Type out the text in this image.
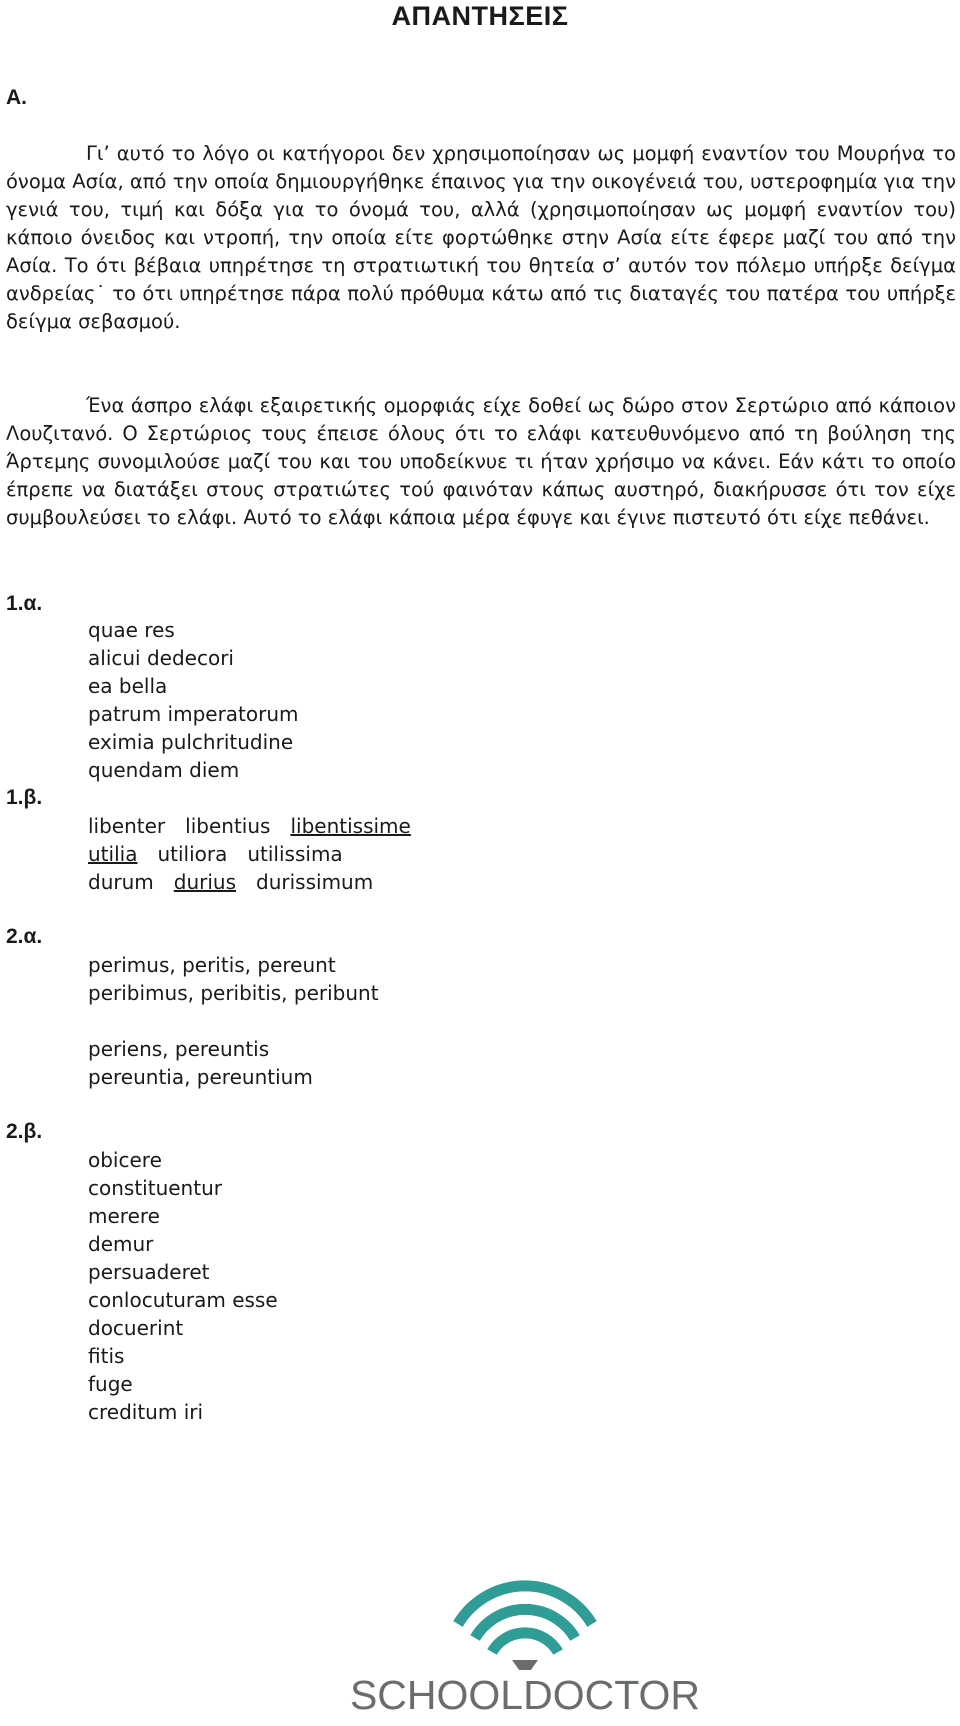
ΑΠΑΝΤΗΣΕΙΣ
Α.

Γι’ αυτό το λόγο οι κατήγοροι δεν χρησιμοποίησαν ως μομφή εναντίον του Μουρήνα το όνομα Ασία, από την οποία δημιουργήθηκε έπαινος για την οικογένειά του, υστεροφημία για την γενιά του, τιμή και δόξα για το όνομά του, αλλά (χρησιμοποίησαν ως μομφή εναντίον του) κάποιο όνειδος και ντροπή, την οποία είτε φορτώθηκε στην Ασία είτε έφερε μαζί του από την Ασία. Το ότι βέβαια υπηρέτησε τη στρατιωτική του θητεία σ’ αυτόν τον πόλεμο υπήρξε δείγμα ανδρείας˙ το ότι υπηρέτησε πάρα πολύ πρόθυμα κάτω από τις διαταγές του πατέρα του υπήρξε δείγμα σεβασμού.

Ένα άσπρο ελάφι εξαιρετικής ομορφιάς είχε δοθεί ως δώρο στον Σερτώριο από κάποιον Λουζιτανό. Ο Σερτώριος τους έπεισε όλους ότι το ελάφι κατευθυνόμενο από τη βούληση της Άρτεμης συνομιλούσε μαζί του και του υποδείκνυε τι ήταν χρήσιμο να κάνει. Εάν κάτι το οποίο έπρεπε να διατάξει στους στρατιώτες τού φαινόταν κάπως αυστηρό, διακήρυσσε ότι τον είχε συμβουλεύσει το ελάφι. Αυτό το ελάφι κάποια μέρα έφυγε και έγινε πιστευτό ότι είχε πεθάνει.

1.α.
quae res
alicui dedecori
ea bella
patrum imperatorum
eximia pulchritudine
quendam diem
1.β.
libenter libentius libentissime
utilia utiliora utilissima
durum durius durissimum
2.α.
perimus, peritis, pereunt
peribimus, peribitis, peribunt
periens, pereuntis
pereuntia, pereuntium
2.β.
obicere
constituentur
merere
demur
persuaderet
conlocuturam esse
docuerint
fitis
fuge
creditum iri
SCHOOLDOCTOR
